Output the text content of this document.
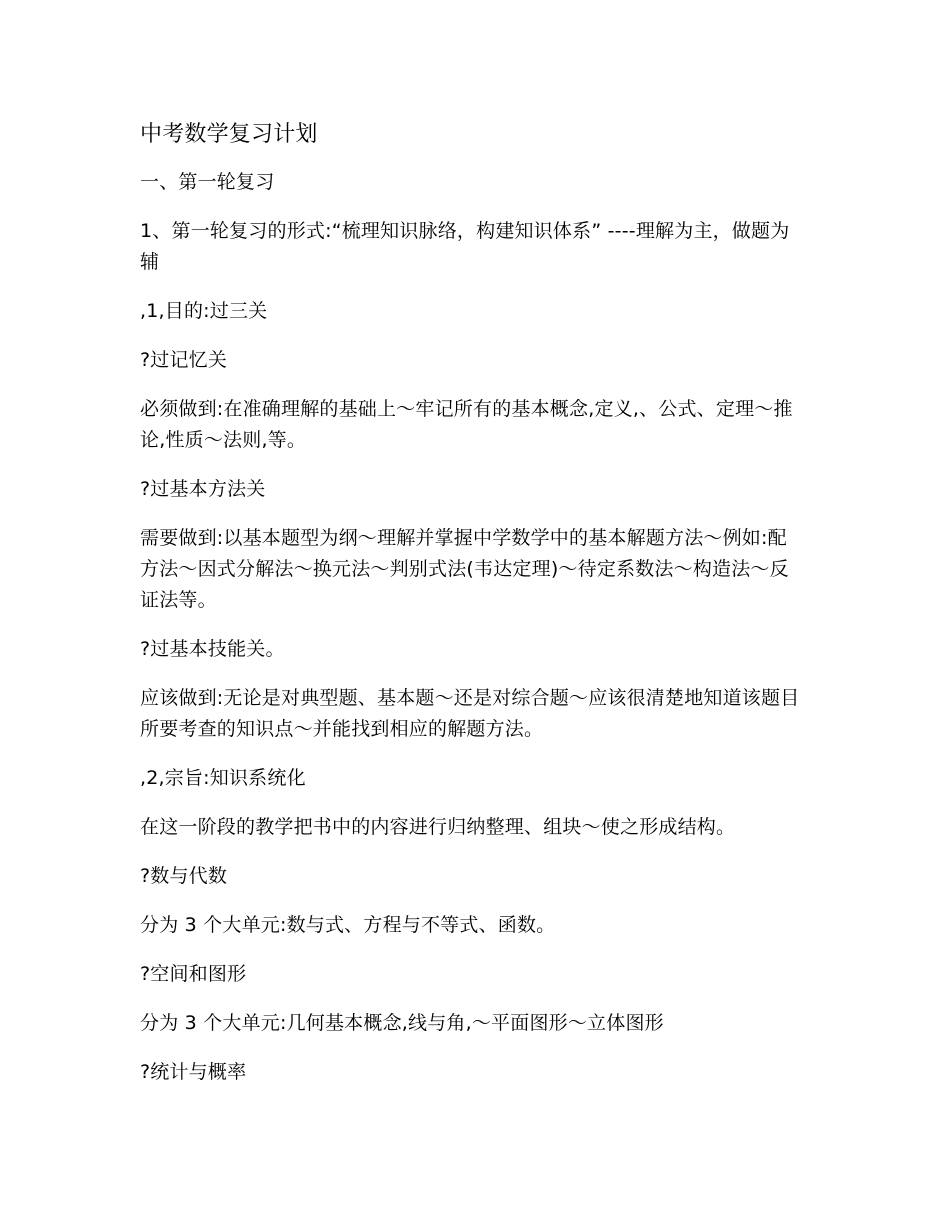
中考数学复习计划

一、第一轮复习

1、第一轮复习的形式:“梳理知识脉络，构建知识体系” ----理解为主，做题为辅

,1,目的:过三关

?过记忆关

必须做到:在准确理解的基础上～牢记所有的基本概念,定义,、公式、定理～推论,性质～法则,等。

?过基本方法关

需要做到:以基本题型为纲～理解并掌握中学数学中的基本解题方法～例如:配方法～因式分解法～换元法～判别式法(韦达定理)～待定系数法～构造法～反证法等。

?过基本技能关。

应该做到:无论是对典型题、基本题～还是对综合题～应该很清楚地知道该题目所要考查的知识点～并能找到相应的解题方法。

,2,宗旨:知识系统化

在这一阶段的教学把书中的内容进行归纳整理、组块～使之形成结构。

?数与代数

分为 3 个大单元:数与式、方程与不等式、函数。

?空间和图形

分为 3 个大单元:几何基本概念,线与角,～平面图形～立体图形

?统计与概率
